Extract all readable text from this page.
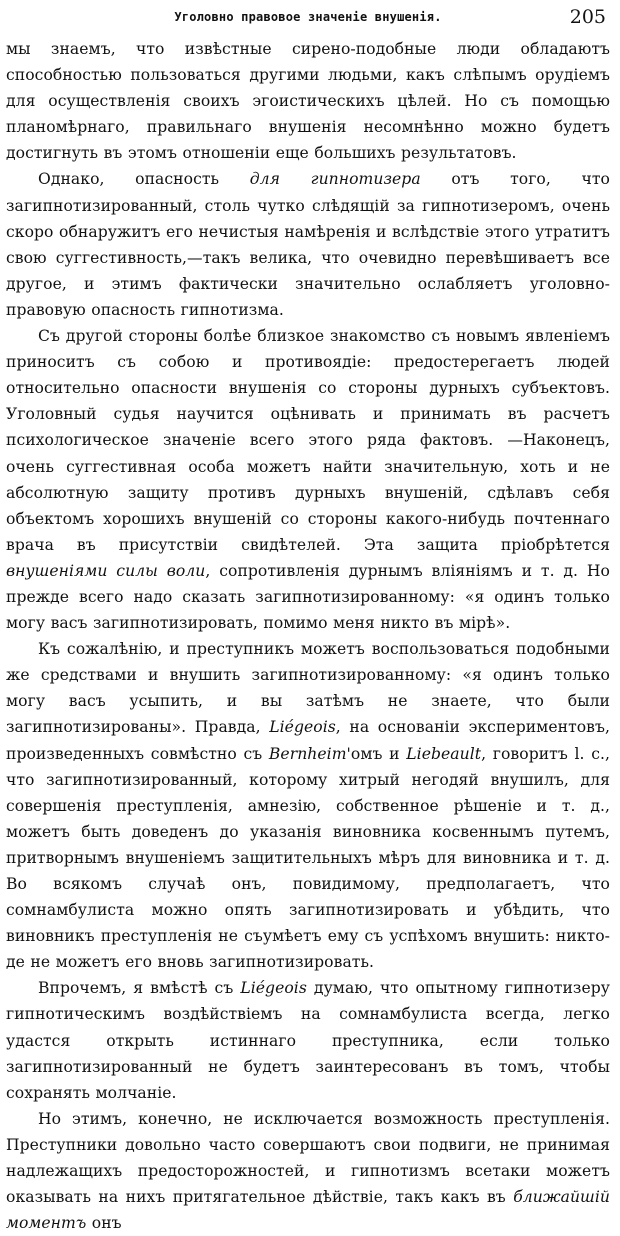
Уголовно правовое значенiе внушенiя.	205

мы знаемъ, что извѣстные сирено-подобные люди обладаютъ способностью пользоваться другими людьми, какъ слѣпымъ орудiемъ для осуществленiя своихъ эгоистическихъ цѣлей. Но съ помощью планомѣрнаго, правильнаго внушенiя несомнѣнно можно будетъ достигнуть въ этомъ отношенiи еще большихъ результатовъ.

Однако, опасность для гипнотизера отъ того, что загипнотизированный, столь чутко слѣдящiй за гипнотизеромъ, очень скоро обнаружитъ его нечистыя намѣренiя и вслѣдствiе этого утратитъ свою суггестивность,—такъ велика, что очевидно перевѣшиваетъ все другое, и этимъ фактически значительно ослабляетъ уголовно-правовую опасность гипнотизма.

Съ другой стороны болѣе близкое знакомство съ новымъ явленiемъ приноситъ съ собою и противоядiе: предостерегаетъ людей относительно опасности внушенiя со стороны дурныхъ субъектовъ. Уголовный судья научится оцѣнивать и принимать въ расчетъ психологическое значенiе всего этого ряда фактовъ. —Наконецъ, очень суггестивная особа можетъ найти значительную, хоть и не абсолютную защиту противъ дурныхъ внушенiй, сдѣлавъ себя объектомъ хорошихъ внушенiй со стороны какого-нибудь почтеннаго врача въ присутствiи свидѣтелей. Эта защита прiобрѣтется внушенiями силы воли, сопротивленiя дурнымъ влiянiямъ и т. д. Но прежде всего надо сказать загипнотизированному: «я одинъ только могу васъ загипнотизировать, помимо меня никто въ мiрѣ».

Къ сожалѣнiю, и преступникъ можетъ воспользоваться подобными же средствами и внушить загипнотизированному: «я одинъ только могу васъ усыпить, и вы затѣмъ не знаете, что были загипнотизированы». Правда, Liégeois, на основанiи экспериментовъ, произведенныхъ совмѣстно съ Bernheim'омъ и Liebeault, говоритъ l. c., что загипнотизированный, которому хитрый негодяй внушилъ, для совершенiя преступленiя, амнезiю, собственное рѣшенiе и т. д., можетъ быть доведенъ до указанiя виновника косвеннымъ путемъ, притворнымъ внушенiемъ защитительныхъ мѣръ для виновника и т. д. Во всякомъ случаѣ онъ, повидимому, предполагаетъ, что сомнамбулиста можно опять загипнотизировать и убѣдить, что виновникъ преступленiя не съумѣетъ ему съ успѣхомъ внушить: никто-де не можетъ его вновь загипнотизировать.

Впрочемъ, я вмѣстѣ съ Liégeois думаю, что опытному гипнотизеру гипнотическимъ воздѣйствiемъ на сомнамбулиста всегда, легко удастся открыть истиннаго преступника, если только загипнотизированный не будетъ заинтересованъ въ томъ, чтобы сохранять молчанiе.

Но этимъ, конечно, не исключается возможность преступленiя. Преступники довольно часто совершаютъ свои подвиги, не принимая надлежащихъ предосторожностей, и гипнотизмъ всетаки можетъ оказывать на нихъ притягательное дѣйствiе, такъ какъ въ ближайшiй моментъ онъ
